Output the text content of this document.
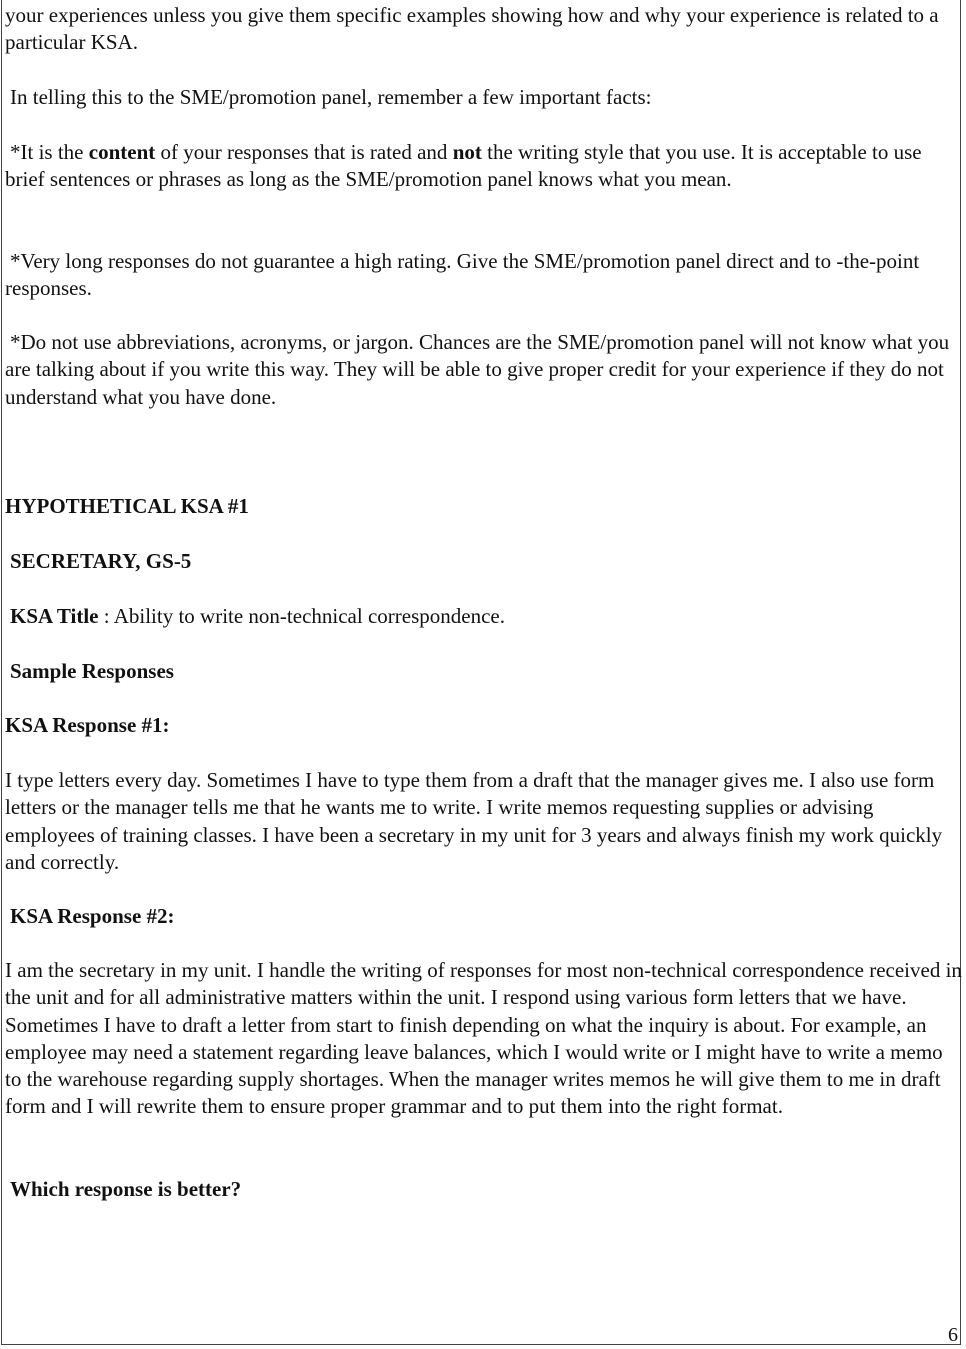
your experiences unless you give them specific examples showing how and why your experience is related to a particular KSA.

In telling this to the SME/promotion panel, remember a few important facts:

*It is the content of your responses that is rated and not the writing style that you use. It is acceptable to use brief sentences or phrases as long as the SME/promotion panel knows what you mean.

*Very long responses do not guarantee a high rating. Give the SME/promotion panel direct and to -the-point responses.

*Do not use abbreviations, acronyms, or jargon. Chances are the SME/promotion panel will not know what you are talking about if you write this way. They will be able to give proper credit for your experience if they do not understand what you have done.

HYPOTHETICAL KSA #1

SECRETARY, GS-5

KSA Title : Ability to write non-technical correspondence.

Sample Responses

KSA Response #1:

I type letters every day. Sometimes I have to type them from a draft that the manager gives me. I also use form letters or the manager tells me that he wants me to write. I write memos requesting supplies or advising employees of training classes. I have been a secretary in my unit for 3 years and always finish my work quickly and correctly.

KSA Response #2:

I am the secretary in my unit. I handle the writing of responses for most non-technical correspondence received in the unit and for all administrative matters within the unit. I respond using various form letters that we have. Sometimes I have to draft a letter from start to finish depending on what the inquiry is about. For example, an employee may need a statement regarding leave balances, which I would write or I might have to write a memo to the warehouse regarding supply shortages. When the manager writes memos he will give them to me in draft form and I will rewrite them to ensure proper grammar and to put them into the right format.

Which response is better?

6
